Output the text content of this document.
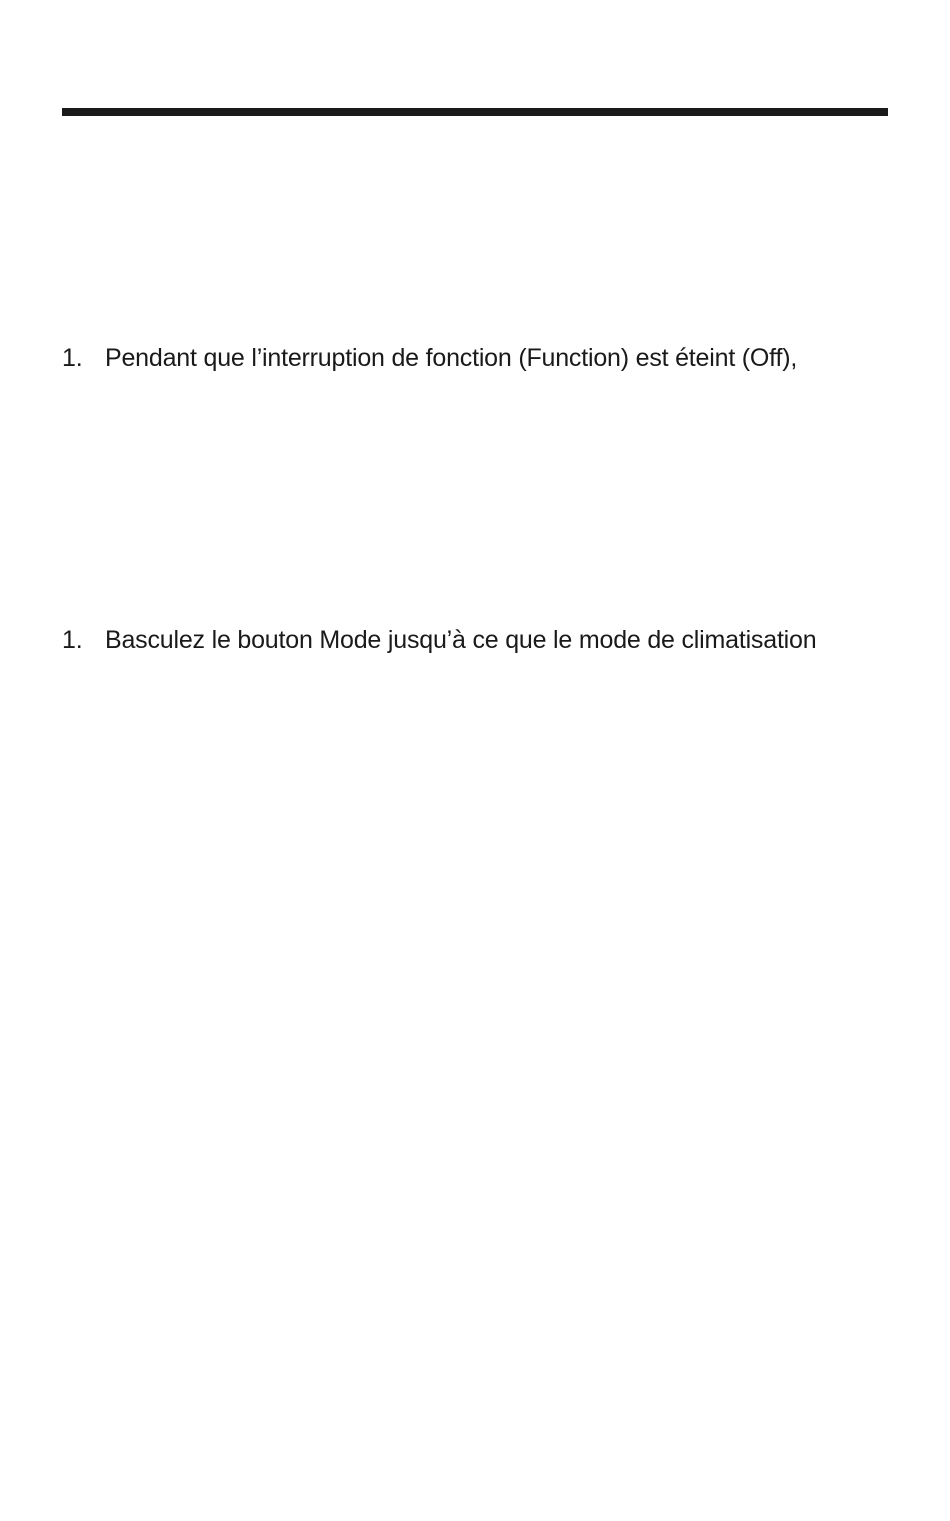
1. Pendant que l’interruption de fonction (Function) est éteint (Off),
1. Basculez le bouton Mode jusqu’à ce que le mode de climatisation
